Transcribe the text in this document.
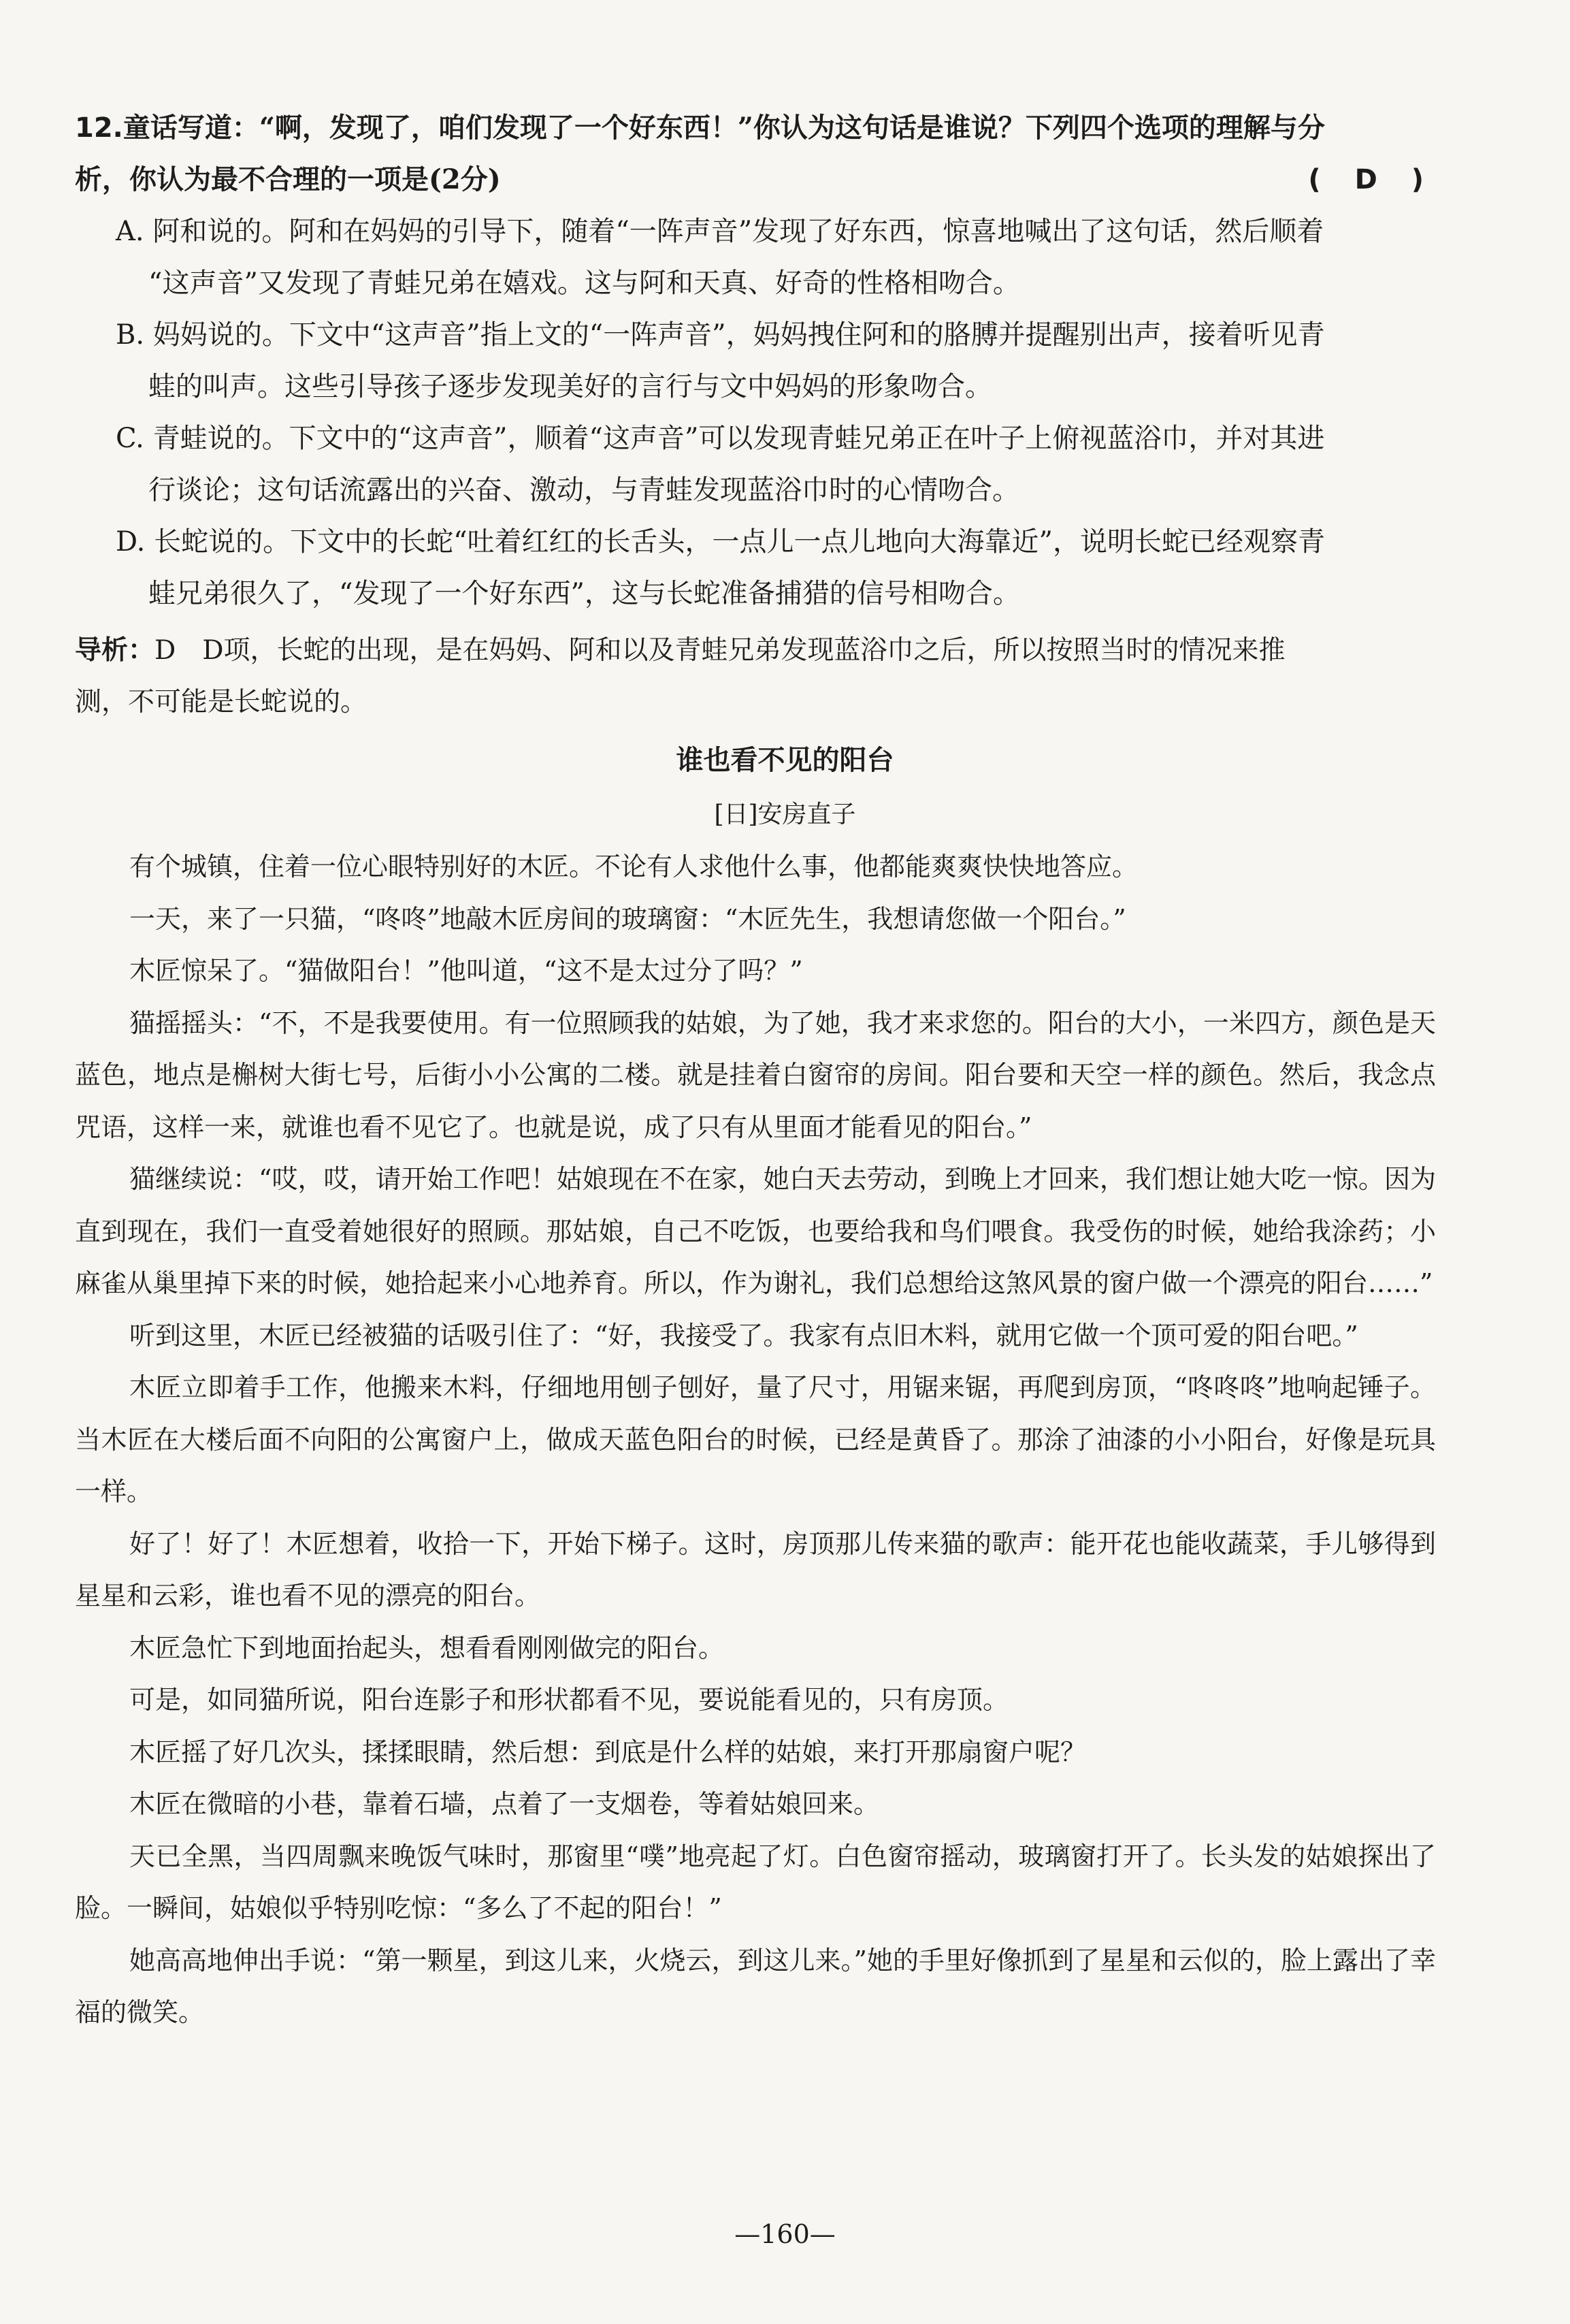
12.童话写道：“啊，发现了，咱们发现了一个好东西！”你认为这句话是谁说？下列四个选项的理解与分
析，你认为最不合理的一项是(2分)	( D )
A. 阿和说的。阿和在妈妈的引导下，随着“一阵声音”发现了好东西，惊喜地喊出了这句话，然后顺着
“这声音”又发现了青蛙兄弟在嬉戏。这与阿和天真、好奇的性格相吻合。
B. 妈妈说的。下文中“这声音”指上文的“一阵声音”，妈妈拽住阿和的胳膊并提醒别出声，接着听见青
蛙的叫声。这些引导孩子逐步发现美好的言行与文中妈妈的形象吻合。
C. 青蛙说的。下文中的“这声音”，顺着“这声音”可以发现青蛙兄弟正在叶子上俯视蓝浴巾，并对其进
行谈论；这句话流露出的兴奋、激动，与青蛙发现蓝浴巾时的心情吻合。
D. 长蛇说的。下文中的长蛇“吐着红红的长舌头，一点儿一点儿地向大海靠近”，说明长蛇已经观察青
蛙兄弟很久了，“发现了一个好东西”，这与长蛇准备捕猎的信号相吻合。
导析：D　D项，长蛇的出现，是在妈妈、阿和以及青蛙兄弟发现蓝浴巾之后，所以按照当时的情况来推
测，不可能是长蛇说的。
谁也看不见的阳台
[日]安房直子

有个城镇，住着一位心眼特别好的木匠。不论有人求他什么事，他都能爽爽快快地答应。

一天，来了一只猫，“咚咚”地敲木匠房间的玻璃窗：“木匠先生，我想请您做一个阳台。”

木匠惊呆了。“猫做阳台！”他叫道，“这不是太过分了吗？”

猫摇摇头：“不，不是我要使用。有一位照顾我的姑娘，为了她，我才来求您的。阳台的大小，一米四方，颜色是天蓝色，地点是槲树大街七号，后街小小公寓的二楼。就是挂着白窗帘的房间。阳台要和天空一样的颜色。然后，我念点咒语，这样一来，就谁也看不见它了。也就是说，成了只有从里面才能看见的阳台。”

猫继续说：“哎，哎，请开始工作吧！姑娘现在不在家，她白天去劳动，到晚上才回来，我们想让她大吃一惊。因为直到现在，我们一直受着她很好的照顾。那姑娘，自己不吃饭，也要给我和鸟们喂食。我受伤的时候，她给我涂药；小麻雀从巢里掉下来的时候，她拾起来小心地养育。所以，作为谢礼，我们总想给这煞风景的窗户做一个漂亮的阳台……”

听到这里，木匠已经被猫的话吸引住了：“好，我接受了。我家有点旧木料，就用它做一个顶可爱的阳台吧。”

木匠立即着手工作，他搬来木料，仔细地用刨子刨好，量了尺寸，用锯来锯，再爬到房顶，“咚咚咚”地响起锤子。当木匠在大楼后面不向阳的公寓窗户上，做成天蓝色阳台的时候，已经是黄昏了。那涂了油漆的小小阳台，好像是玩具一样。

好了！好了！木匠想着，收拾一下，开始下梯子。这时，房顶那儿传来猫的歌声：能开花也能收蔬菜，手儿够得到星星和云彩，谁也看不见的漂亮的阳台。

木匠急忙下到地面抬起头，想看看刚刚做完的阳台。

可是，如同猫所说，阳台连影子和形状都看不见，要说能看见的，只有房顶。

木匠摇了好几次头，揉揉眼睛，然后想：到底是什么样的姑娘，来打开那扇窗户呢？

木匠在微暗的小巷，靠着石墙，点着了一支烟卷，等着姑娘回来。

天已全黑，当四周飘来晚饭气味时，那窗里“噗”地亮起了灯。白色窗帘摇动，玻璃窗打开了。长头发的姑娘探出了脸。一瞬间，姑娘似乎特别吃惊：“多么了不起的阳台！”

她高高地伸出手说：“第一颗星，到这儿来，火烧云，到这儿来。”她的手里好像抓到了星星和云似的，脸上露出了幸福的微笑。

—160—
